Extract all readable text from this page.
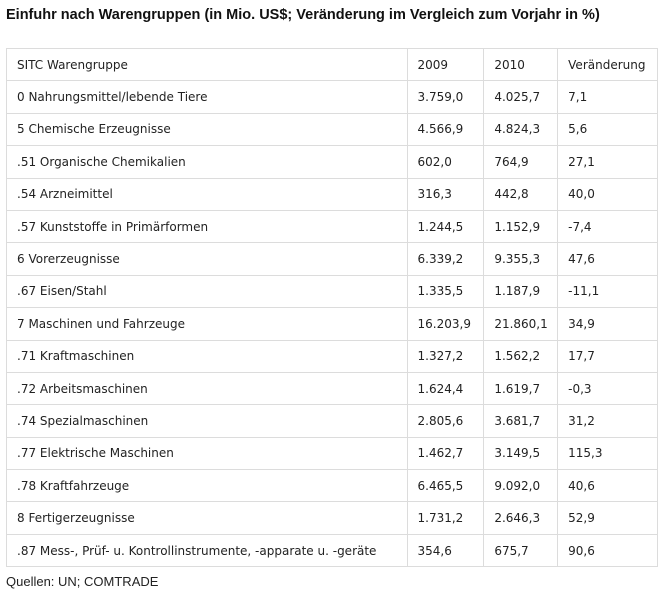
Einfuhr nach Warengruppen (in Mio. US$; Veränderung im Vergleich zum Vorjahr in %)
SITC Warengruppe	2009	2010	Veränderung
0 Nahrungsmittel/lebende Tiere	3.759,0	4.025,7	7,1
5 Chemische Erzeugnisse	4.566,9	4.824,3	5,6
.51 Organische Chemikalien	602,0	764,9	27,1
.54 Arzneimittel	316,3	442,8	40,0
.57 Kunststoffe in Primärformen	1.244,5	1.152,9	-7,4
6 Vorerzeugnisse	6.339,2	9.355,3	47,6
.67 Eisen/Stahl	1.335,5	1.187,9	-11,1
7 Maschinen und Fahrzeuge	16.203,9	21.860,1	34,9
.71 Kraftmaschinen	1.327,2	1.562,2	17,7
.72 Arbeitsmaschinen	1.624,4	1.619,7	-0,3
.74 Spezialmaschinen	2.805,6	3.681,7	31,2
.77 Elektrische Maschinen	1.462,7	3.149,5	115,3
.78 Kraftfahrzeuge	6.465,5	9.092,0	40,6
8 Fertigerzeugnisse	1.731,2	2.646,3	52,9
.87 Mess-, Prüf- u. Kontrollinstrumente, -apparate u. -geräte	354,6	675,7	90,6
Quellen: UN; COMTRADE
